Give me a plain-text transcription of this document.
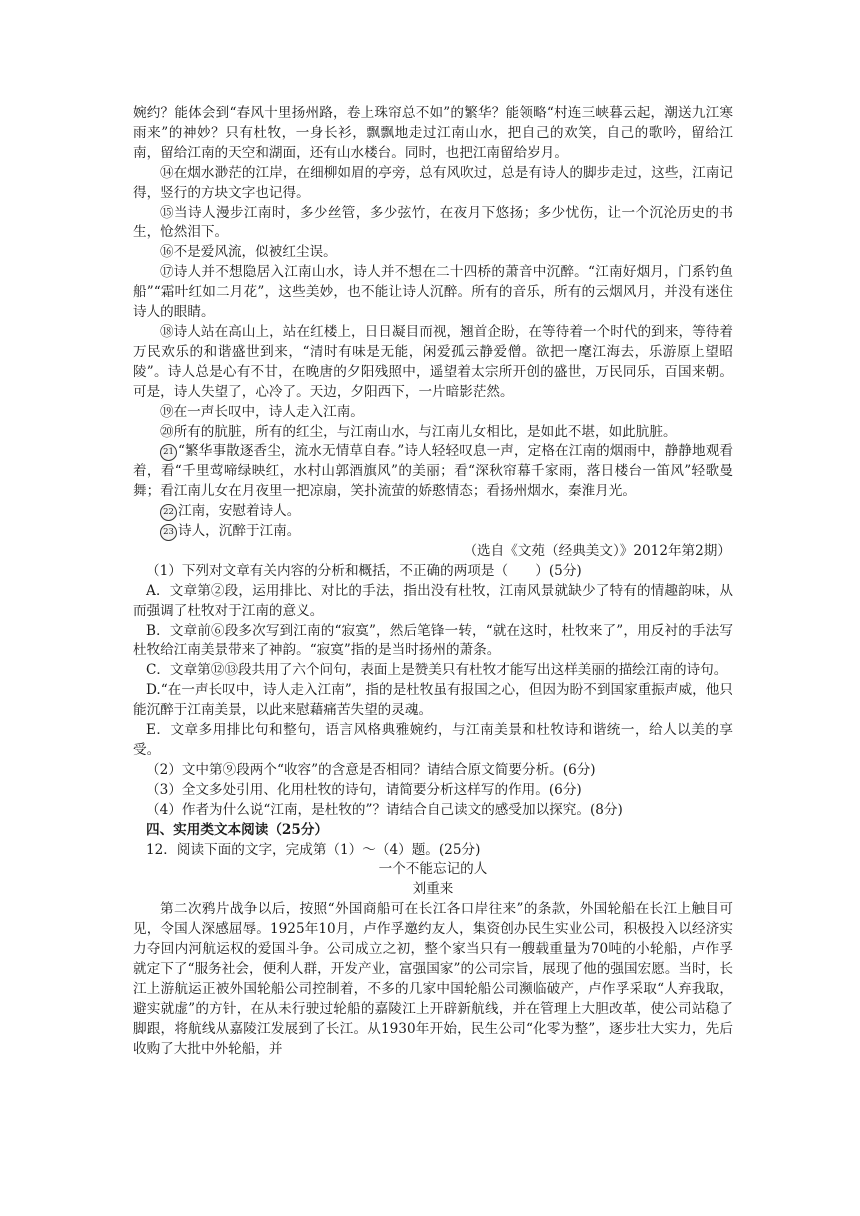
婉约？能体会到“春风十里扬州路，卷上珠帘总不如”的繁华？能领略“村连三峡暮云起，潮送九江寒雨来”的神妙？只有杜牧，一身长衫，飘飘地走过江南山水，把自己的欢笑，自己的歌吟，留给江南，留给江南的天空和湖面，还有山水楼台。同时，也把江南留给岁月。

⑭在烟水渺茫的江岸，在细柳如眉的亭旁，总有风吹过，总是有诗人的脚步走过，这些，江南记得，竖行的方块文字也记得。

⑮当诗人漫步江南时，多少丝管，多少弦竹，在夜月下悠扬；多少忧伤，让一个沉沦历史的书生，怆然泪下。

⑯不是爱风流，似被红尘误。

⑰诗人并不想隐居入江南山水，诗人并不想在二十四桥的萧音中沉醉。“江南好烟月，门系钓鱼船”“霜叶红如二月花”，这些美妙，也不能让诗人沉醉。所有的音乐，所有的云烟风月，并没有迷住诗人的眼睛。

⑱诗人站在高山上，站在红楼上，日日凝目而视，翘首企盼，在等待着一个时代的到来，等待着万民欢乐的和谐盛世到来，“清时有味是无能，闲爱孤云静爱僧。欲把一麾江海去，乐游原上望昭陵”。诗人总是心有不甘，在晚唐的夕阳残照中，遥望着太宗所开创的盛世，万民同乐，百国来朝。可是，诗人失望了，心冷了。天边，夕阳西下，一片暗影茫然。

⑲在一声长叹中，诗人走入江南。

⑳所有的肮脏，所有的红尘，与江南山水，与江南儿女相比，是如此不堪，如此肮脏。

21 “繁华事散逐香尘，流水无情草自春。”诗人轻轻叹息一声，定格在江南的烟雨中，静静地观看着，看“千里莺啼绿映红，水村山郭酒旗风”的美丽；看“深秋帘幕千家雨，落日楼台一笛风”轻歌曼舞；看江南儿女在月夜里一把凉扇，笑扑流萤的娇憨情态；看扬州烟水，秦淮月光。

22 江南，安慰着诗人。

23 诗人，沉醉于江南。

（选自《文苑（经典美文）》2012年第2期）

（1）下列对文章有关内容的分析和概括，不正确的两项是（　　）(5分)

A．文章第②段，运用排比、对比的手法，指出没有杜牧，江南风景就缺少了特有的情趣韵味，从而强调了杜牧对于江南的意义。

B．文章前⑥段多次写到江南的“寂寞”，然后笔锋一转，“就在这时，杜牧来了”，用反衬的手法写杜牧给江南美景带来了神韵。“寂寞”指的是当时扬州的萧条。

C．文章第⑫⑬段共用了六个问句，表面上是赞美只有杜牧才能写出这样美丽的描绘江南的诗句。

D.“在一声长叹中，诗人走入江南”，指的是杜牧虽有报国之心，但因为盼不到国家重振声威，他只能沉醉于江南美景，以此来慰藉痛苦失望的灵魂。

E．文章多用排比句和整句，语言风格典雅婉约，与江南美景和杜牧诗和谐统一，给人以美的享受。

（2）文中第⑨段两个“收容”的含意是否相同？请结合原文简要分析。(6分)

（3）全文多处引用、化用杜牧的诗句，请简要分析这样写的作用。(6分)

（4）作者为什么说“江南，是杜牧的”？请结合自己读文的感受加以探究。(8分)

四、实用类文本阅读（25分）

12．阅读下面的文字，完成第（1）～（4）题。(25分)

一个不能忘记的人

刘重来

第二次鸦片战争以后，按照“外国商船可在长江各口岸往来”的条款，外国轮船在长江上触目可见，令国人深感屈辱。1925年10月，卢作孚邀约友人，集资创办民生实业公司，积极投入以经济实力夺回内河航运权的爱国斗争。公司成立之初，整个家当只有一艘载重量为70吨的小轮船，卢作孚就定下了“服务社会，便利人群，开发产业，富强国家”的公司宗旨，展现了他的强国宏愿。当时，长江上游航运正被外国轮船公司控制着，不多的几家中国轮船公司濒临破产，卢作孚采取“人弃我取，避实就虚”的方针，在从未行驶过轮船的嘉陵江上开辟新航线，并在管理上大胆改革，使公司站稳了脚跟，将航线从嘉陵江发展到了长江。从1930年开始，民生公司“化零为整”，逐步壮大实力，先后收购了大批中外轮船，并
